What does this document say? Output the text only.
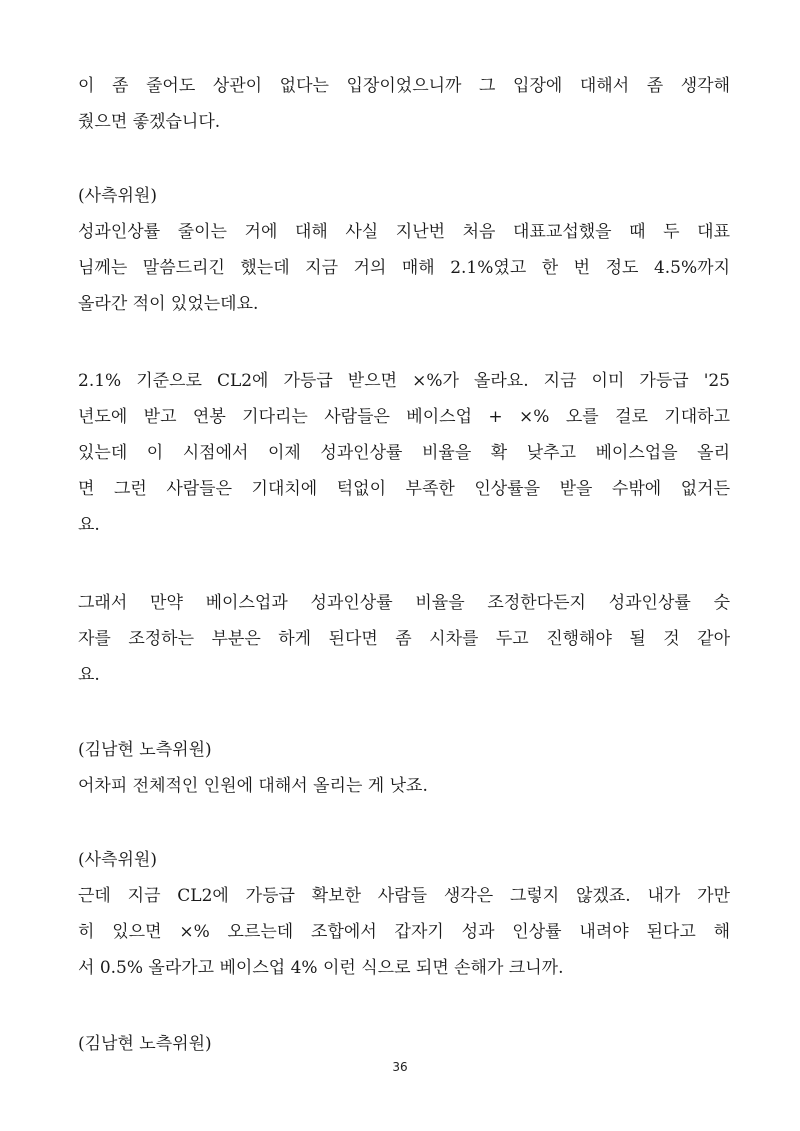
이 좀 줄어도 상관이 없다는 입장이었으니까 그 입장에 대해서 좀 생각해
줬으면 좋겠습니다.
(사측위원)
성과인상률 줄이는 거에 대해 사실 지난번 처음 대표교섭했을 때 두 대표
님께는 말씀드리긴 했는데 지금 거의 매해 2.1%였고 한 번 정도 4.5%까지
올라간 적이 있었는데요.
2.1% 기준으로 CL2에 가등급 받으면 ×%가 올라요. 지금 이미 가등급 '25
년도에 받고 연봉 기다리는 사람들은 베이스업 + ×% 오를 걸로 기대하고
있는데 이 시점에서 이제 성과인상률 비율을 확 낮추고 베이스업을 올리
면 그런 사람들은 기대치에 턱없이 부족한 인상률을 받을 수밖에 없거든
요.
그래서 만약 베이스업과 성과인상률 비율을 조정한다든지 성과인상률 숫
자를 조정하는 부분은 하게 된다면 좀 시차를 두고 진행해야 될 것 같아
요.
(김남현 노측위원)
어차피 전체적인 인원에 대해서 올리는 게 낫죠.
(사측위원)
근데 지금 CL2에 가등급 확보한 사람들 생각은 그렇지 않겠죠. 내가 가만
히 있으면 ×% 오르는데 조합에서 갑자기 성과 인상률 내려야 된다고 해
서 0.5% 올라가고 베이스업 4% 이런 식으로 되면 손해가 크니까.
(김남현 노측위원)
36
